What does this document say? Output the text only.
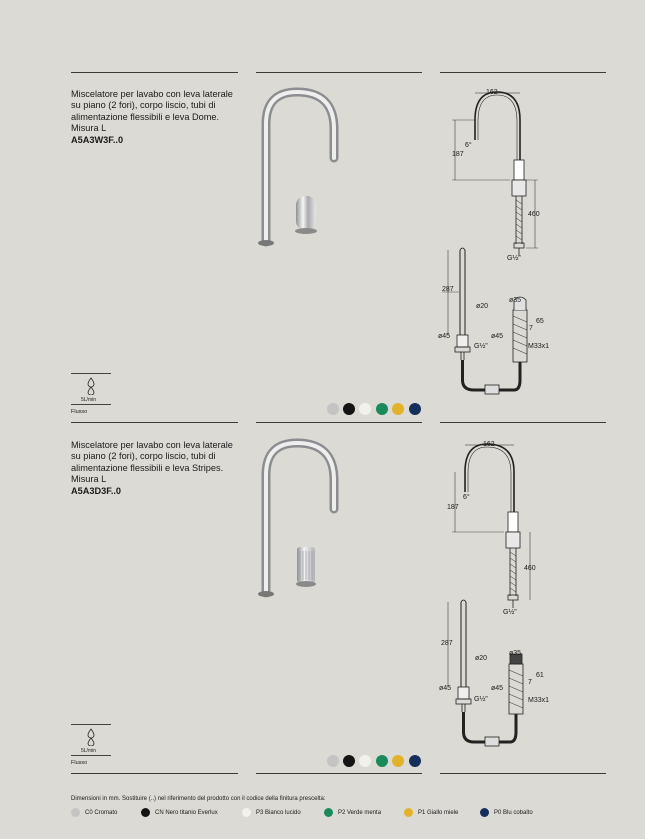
Miscelatore per lavabo con leva laterale su piano (2 fori), corpo liscio, tubi di alimentazione flessibili e leva Dome. Misura L
A5A3W3F..0
162
6°
187
460
G½"
287
ø20
ø35
65
7
ø45	ø45
G½"	M33x1
5L/min
Flusso
Miscelatore per lavabo con leva laterale su piano (2 fori), corpo liscio, tubi di alimentazione flessibili e leva Stripes. Misura L
A5A3D3F..0
162
6°
187
460
G½"
287
ø20
ø35
61
7
ø45	ø45
G½"	M33x1
5L/min
Flusso
Dimensioni in mm. Sostituire (..) nel riferimento del prodotto con il codice della finitura prescelta:
C0 Cromato	CN Nero titanio Everlux	P3 Bianco lucido	P2 Verde menta	P1 Giallo miele	P0 Blu cobalto
